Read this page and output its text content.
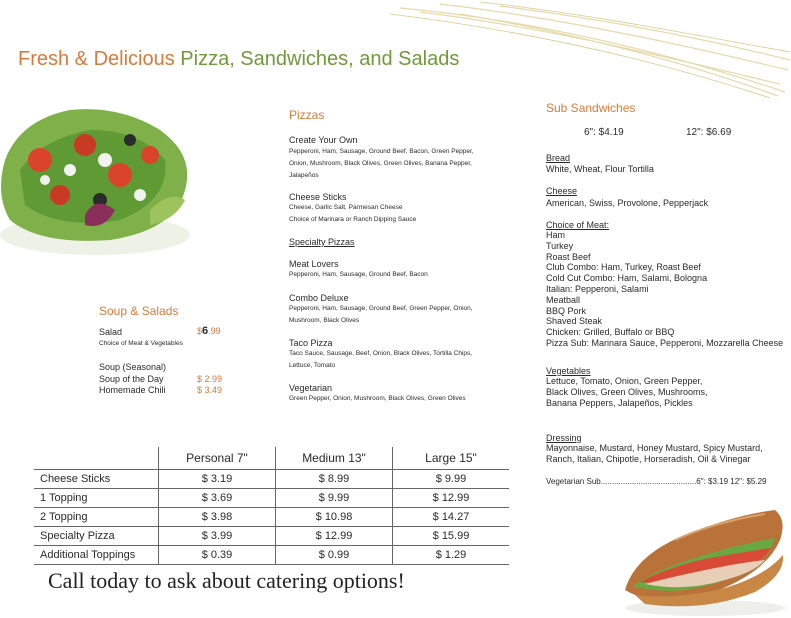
Fresh & Delicious Pizza, Sandwiches, and Salads
Soup & Salads
Salad	$6.99
Choice of Meat & Vegetables
Soup (Seasonal)
Soup of the Day	$ 2.99
Homemade Chili	$ 3.49
Pizzas
Create Your Own
Pepperoni, Ham, Sausage, Ground Beef, Bacon, Green Pepper,
Onion, Mushroom, Black Olives, Green Olives, Banana Pepper,
Jalapeños
Cheese Sticks
Cheese, Garlic Salt, Parmesan Cheese
Choice of Marinara or Ranch Dipping Sauce
Specialty Pizzas
Meat Lovers
Pepperoni, Ham, Sausage, Ground Beef, Bacon
Combo Deluxe
Pepperoni, Ham, Sausage, Ground Beef, Green Pepper, Onion,
Mushroom, Black Olives
Taco Pizza
Taco Sauce, Sausage, Beef, Onion, Black Olives, Tortilla Chips,
Lettuce, Tomato
Vegetarian
Green Pepper, Onion, Mushroom, Black Olives, Green Olives
Sub Sandwiches
6": $4.19	12": $6.69
Bread
White, Wheat, Flour Tortilla
Cheese
American, Swiss, Provolone, Pepperjack
Choice of Meat:
Ham
Turkey
Roast Beef
Club Combo: Ham, Turkey, Roast Beef
Cold Cut Combo: Ham, Salami, Bologna
Italian: Pepperoni, Salami
Meatball
BBQ Pork
Shaved Steak
Chicken: Grilled, Buffalo or BBQ
Pizza Sub: Marinara Sauce, Pepperoni, Mozzarella Cheese
Vegetables
Lettuce, Tomato, Onion, Green Pepper,
Black Olives, Green Olives, Mushrooms,
Banana Peppers, Jalapeños, Pickles
Dressing
Mayonnaise, Mustard, Honey Mustard, Spicy Mustard,
Ranch, Italian, Chipotle, Horseradish, Oil & Vinegar
Vegetarian Sub...........................................6": $3.19 12": $5.29
	Personal 7"	Medium 13"	Large 15"
Cheese Sticks	$ 3.19	$ 8.99	$ 9.99
1 Topping	$ 3.69	$ 9.99	$ 12.99
2 Topping	$ 3.98	$ 10.98	$ 14.27
Specialty Pizza	$ 3.99	$ 12.99	$ 15.99
Additional Toppings	$ 0.39	$ 0.99	$ 1.29
Call today to ask about catering options!
